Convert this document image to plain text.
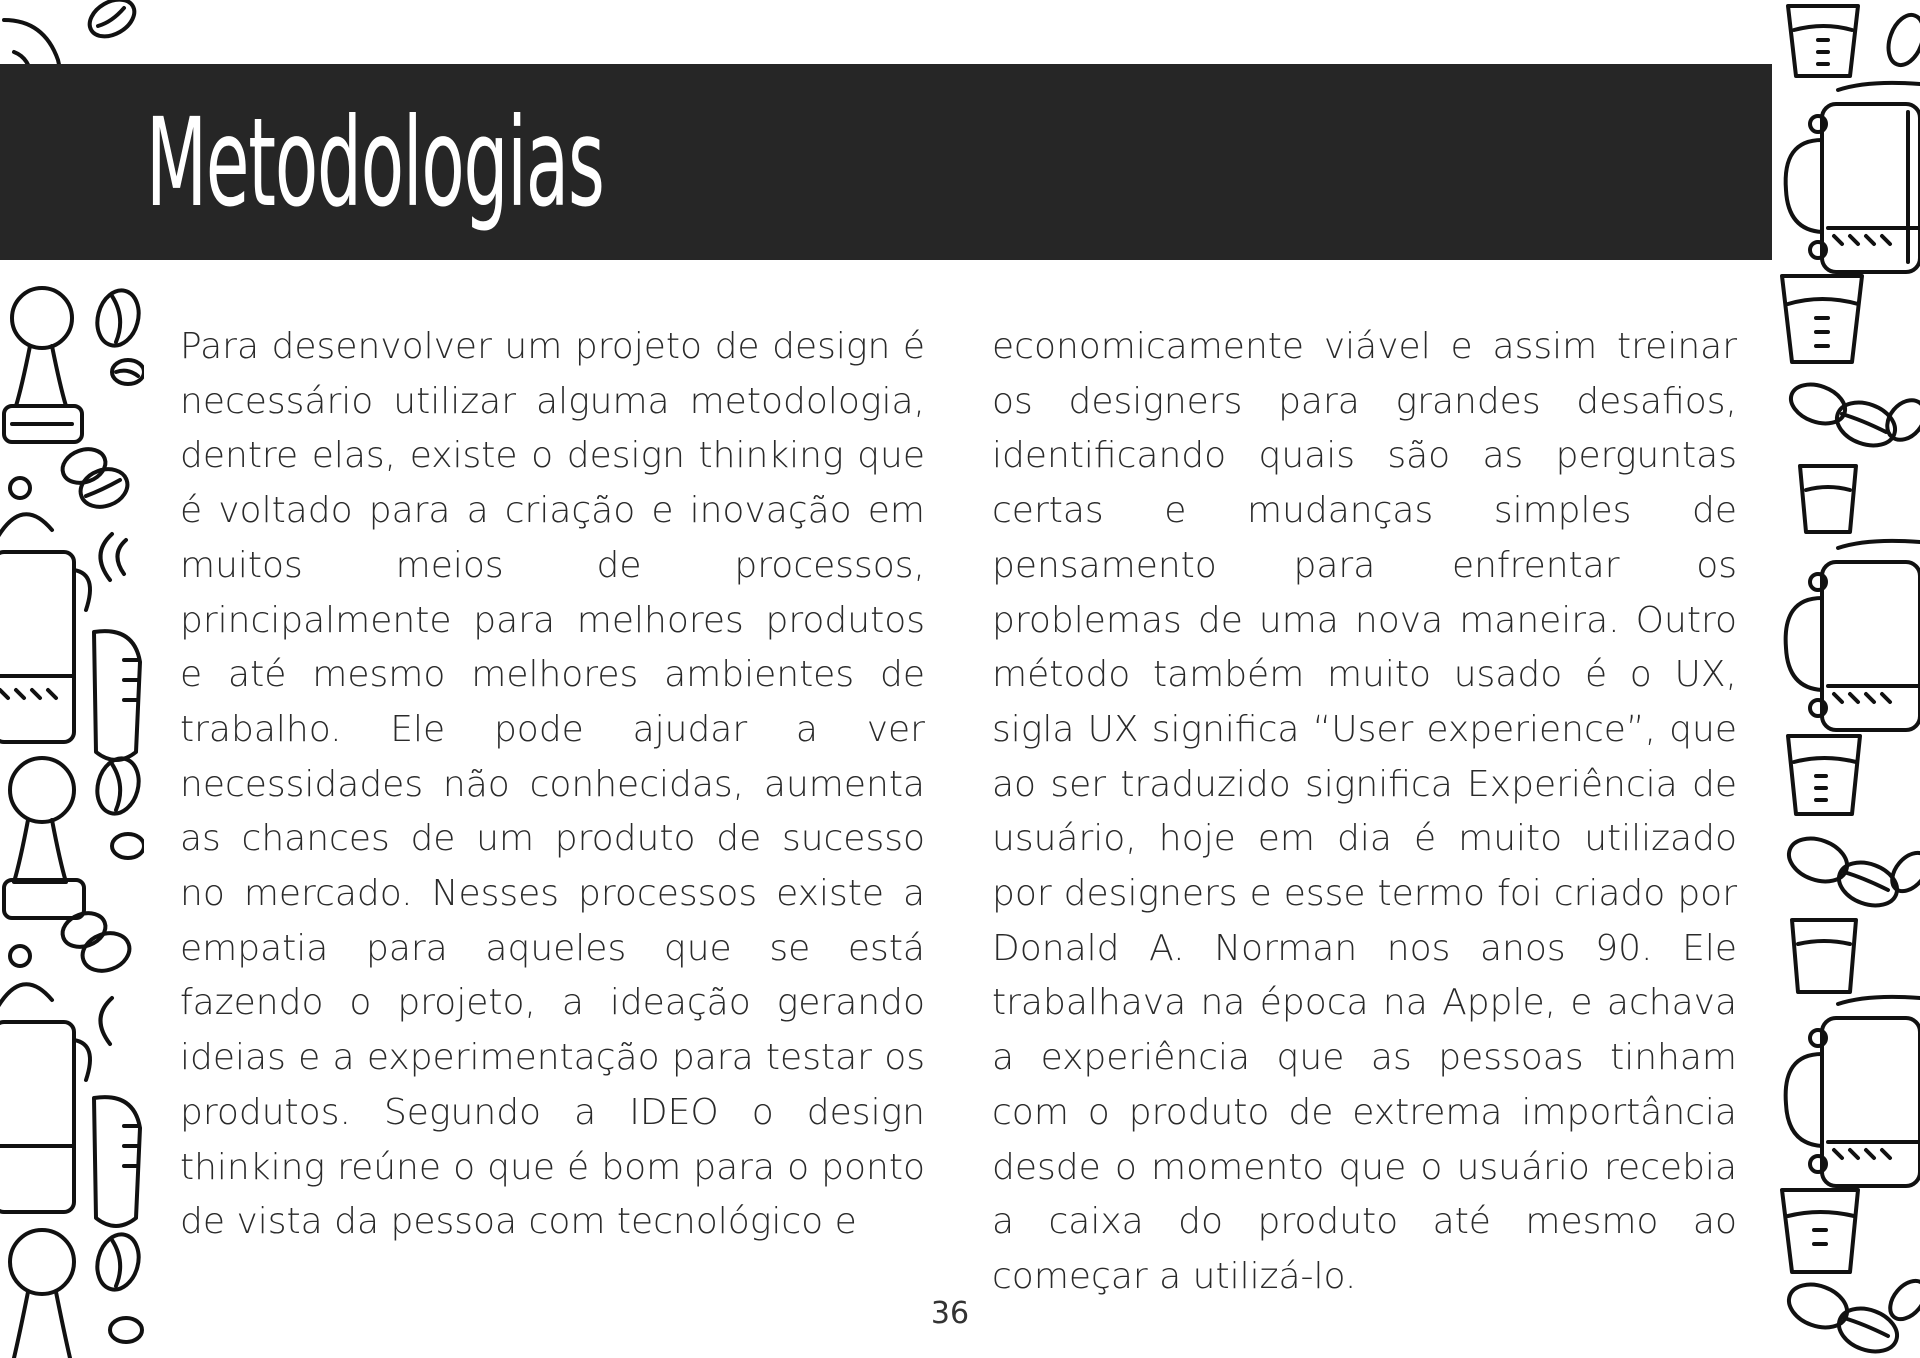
Metodologias

Para desenvolver um projeto de design é necessário utilizar alguma metodologia, dentre elas, existe o design thinking que é voltado para a criação e inovação em muitos meios de processos, principalmente para melhores produtos e até mesmo melhores ambientes de trabalho. Ele pode ajudar a ver necessidades não conhecidas, aumenta as chances de um produto de sucesso no mercado. Nesses processos existe a empatia para aqueles que se está fazendo o projeto, a ideação gerando ideias e a experimentação para testar os produtos. Segundo a IDEO o design thinking reúne o que é bom para o ponto de vista da pessoa com tecnológico e

economicamente viável e assim treinar os designers para grandes desafios, identificando quais são as perguntas certas e mudanças simples de pensamento para enfrentar os problemas de uma nova maneira. Outro método também muito usado é o UX, sigla UX significa “User experience”, que ao ser traduzido significa Experiência de usuário, hoje em dia é muito utilizado por designers e esse termo foi criado por Donald A. Norman nos anos 90. Ele trabalhava na época na Apple, e achava a experiência que as pessoas tinham com o produto de extrema importância desde o momento que o usuário recebia a caixa do produto até mesmo ao começar a utilizá-lo.

36
